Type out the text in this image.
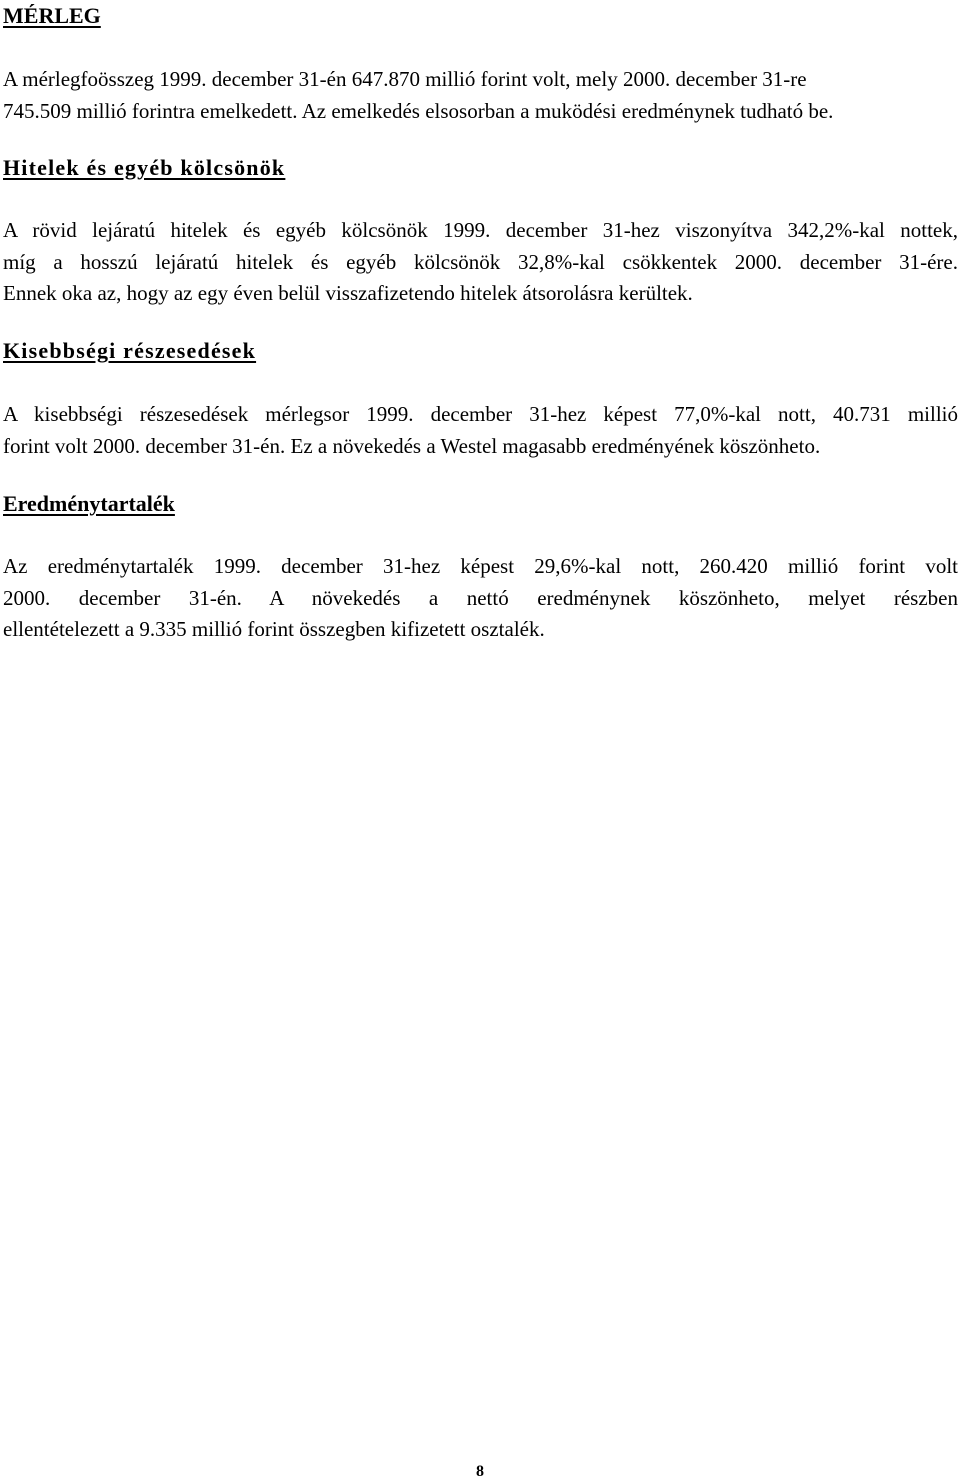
MÉRLEG

A mérlegfoösszeg 1999. december 31-én 647.870 millió forint volt, mely 2000. december 31-re
745.509 millió forintra emelkedett. Az emelkedés elsosorban a muködési eredménynek tudható be.

Hitelek és egyéb kölcsönök

A rövid lejáratú hitelek és egyéb kölcsönök 1999. december 31-hez viszonyítva 342,2%-kal nottek,
míg a hosszú lejáratú hitelek és egyéb kölcsönök 32,8%-kal csökkentek 2000. december 31-ére.
Ennek oka az, hogy az egy éven belül visszafizetendo hitelek átsorolásra kerültek.

Kisebbségi részesedések

A kisebbségi részesedések mérlegsor 1999. december 31-hez képest 77,0%-kal nott, 40.731 millió
forint volt 2000. december 31-én. Ez a növekedés a Westel magasabb eredményének köszönheto.

Eredménytartalék

Az eredménytartalék 1999. december 31-hez képest 29,6%-kal nott, 260.420 millió forint volt
2000. december 31-én. A növekedés a nettó eredménynek köszönheto, melyet részben
ellentételezett a 9.335 millió forint összegben kifizetett osztalék.

8
